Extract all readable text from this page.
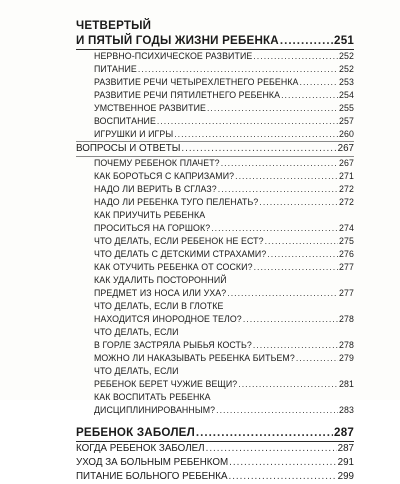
ЧЕТВЕРТЫЙ
И ПЯТЫЙ ГОДЫ ЖИЗНИ РЕБЕНКА .....	251
НЕРВНО-ПСИХИЧЕСКОЕ РАЗВИТИЕ .....	252
ПИТАНИЕ .....	252
РАЗВИТИЕ РЕЧИ ЧЕТЫРЕХЛЕТНЕГО РЕБЕНКА .....	253
РАЗВИТИЕ РЕЧИ ПЯТИЛЕТНЕГО РЕБЕНКА .....	254
УМСТВЕННОЕ РАЗВИТИЕ .....	255
ВОСПИТАНИЕ .....	257
ИГРУШКИ И ИГРЫ .....	260
ВОПРОСЫ И ОТВЕТЫ .....	267
ПОЧЕМУ РЕБЕНОК ПЛАЧЕТ? .....	267
КАК БОРОТЬСЯ С КАПРИЗАМИ? .....	271
НАДО ЛИ ВЕРИТЬ В СГЛАЗ? .....	272
НАДО ЛИ РЕБЕНКА ТУГО ПЕЛЕНАТЬ? .....	272
КАК ПРИУЧИТЬ РЕБЕНКА
ПРОСИТЬСЯ НА ГОРШОК? .....	274
ЧТО ДЕЛАТЬ, ЕСЛИ РЕБЕНОК НЕ ЕСТ? .....	275
ЧТО ДЕЛАТЬ С ДЕТСКИМИ СТРАХАМИ? .....	276
КАК ОТУЧИТЬ РЕБЕНКА ОТ СОСКИ? .....	277
КАК УДАЛИТЬ ПОСТОРОННИЙ
ПРЕДМЕТ ИЗ НОСА ИЛИ УХА? .....	277
ЧТО ДЕЛАТЬ, ЕСЛИ В ГЛОТКЕ
НАХОДИТСЯ ИНОРОДНОЕ ТЕЛО? .....	278
ЧТО ДЕЛАТЬ, ЕСЛИ
В ГОРЛЕ ЗАСТРЯЛА РЫБЬЯ КОСТЬ? .....	278
МОЖНО ЛИ НАКАЗЫВАТЬ РЕБЕНКА БИТЬЕМ? .....	279
ЧТО ДЕЛАТЬ, ЕСЛИ
РЕБЕНОК БЕРЕТ ЧУЖИЕ ВЕЩИ? .....	281
КАК ВОСПИТАТЬ РЕБЕНКА
ДИСЦИПЛИНИРОВАННЫМ? .....	283
РЕБЕНОК ЗАБОЛЕЛ .....	287
КОГДА РЕБЕНОК ЗАБОЛЕЛ .....	287
УХОД ЗА БОЛЬНЫМ РЕБЕНКОМ .....	291
ПИТАНИЕ БОЛЬНОГО РЕБЕНКА .....	299
